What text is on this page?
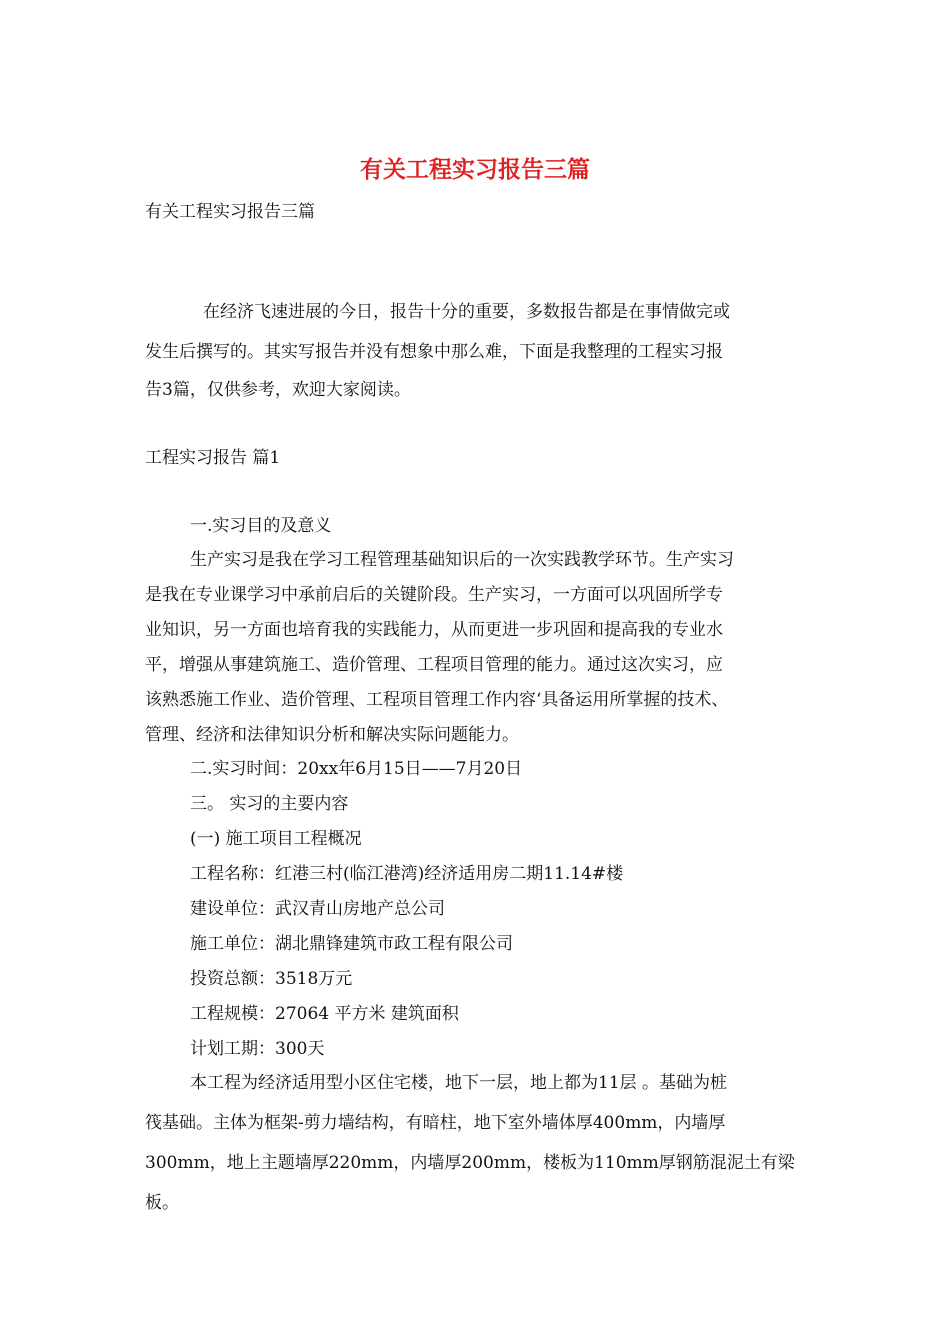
有关工程实习报告三篇
有关工程实习报告三篇
在经济飞速进展的今日，报告十分的重要，多数报告都是在事情做完或
发生后撰写的。其实写报告并没有想象中那么难，下面是我整理的工程实习报
告3篇，仅供参考，欢迎大家阅读。
工程实习报告 篇1
一.实习目的及意义
生产实习是我在学习工程管理基础知识后的一次实践教学环节。生产实习
是我在专业课学习中承前启后的关键阶段。生产实习，一方面可以巩固所学专
业知识，另一方面也培育我的实践能力，从而更进一步巩固和提高我的专业水
平，增强从事建筑施工、造价管理、工程项目管理的能力。通过这次实习，应
该熟悉施工作业、造价管理、工程项目管理工作内容‘具备运用所掌握的技术、
管理、经济和法律知识分析和解决实际问题能力。
二.实习时间：20xx年6月15日——7月20日
三。 实习的主要内容
(一) 施工项目工程概况
工程名称：红港三村(临江港湾)经济适用房二期11.14#楼
建设单位：武汉青山房地产总公司
施工单位：湖北鼎锋建筑市政工程有限公司
投资总额：3518万元
工程规模：27064 平方米 建筑面积
计划工期：300天
本工程为经济适用型小区住宅楼，地下一层，地上都为11层 。基础为桩
筏基础。主体为框架-剪力墙结构，有暗柱，地下室外墙体厚400mm，内墙厚
300mm，地上主题墙厚220mm，内墙厚200mm，楼板为110mm厚钢筋混泥土有梁
板。
